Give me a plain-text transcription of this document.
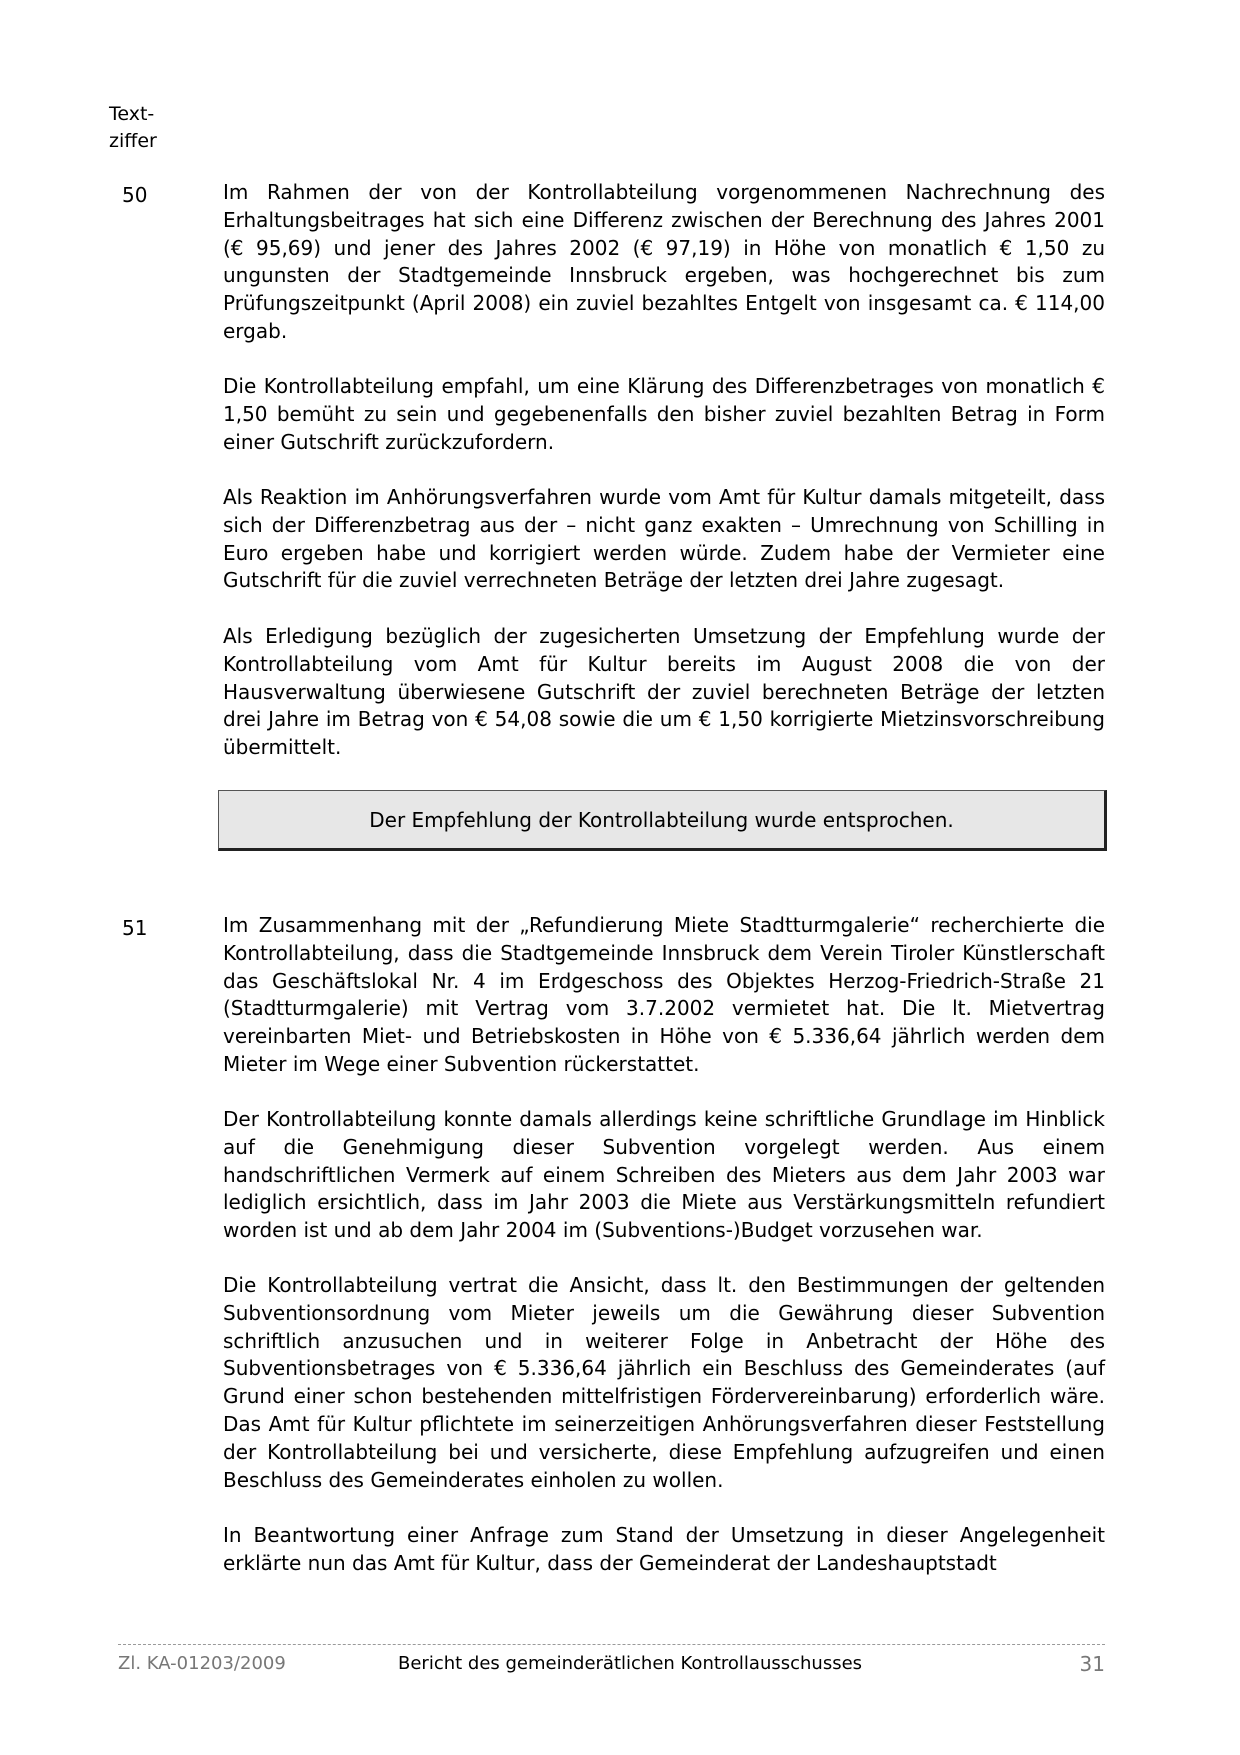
Text-
ziffer
50	Im Rahmen der von der Kontrollabteilung vorgenommenen Nachrechnung des Erhaltungsbeitrages hat sich eine Differenz zwischen der Berechnung des Jahres 2001 (€ 95,69) und jener des Jahres 2002 (€ 97,19) in Höhe von monatlich € 1,50 zu ungunsten der Stadtgemeinde Innsbruck ergeben, was hochgerechnet bis zum Prüfungszeitpunkt (April 2008) ein zuviel bezahltes Entgelt von insgesamt ca. € 114,00 ergab.

Die Kontrollabteilung empfahl, um eine Klärung des Differenzbetrages von monatlich € 1,50 bemüht zu sein und gegebenenfalls den bisher zuviel bezahlten Betrag in Form einer Gutschrift zurückzufordern.

Als Reaktion im Anhörungsverfahren wurde vom Amt für Kultur damals mitgeteilt, dass sich der Differenzbetrag aus der – nicht ganz exakten – Umrechnung von Schilling in Euro ergeben habe und korrigiert werden würde. Zudem habe der Vermieter eine Gutschrift für die zuviel verrechneten Beträge der letzten drei Jahre zugesagt.

Als Erledigung bezüglich der zugesicherten Umsetzung der Empfehlung wurde der Kontrollabteilung vom Amt für Kultur bereits im August 2008 die von der Hausverwaltung überwiesene Gutschrift der zuviel berechneten Beträge der letzten drei Jahre im Betrag von € 54,08 sowie die um € 1,50 korrigierte Mietzinsvorschreibung übermittelt.

Der Empfehlung der Kontrollabteilung wurde entsprochen.
51	Im Zusammenhang mit der „Refundierung Miete Stadtturmgalerie“ recherchierte die Kontrollabteilung, dass die Stadtgemeinde Innsbruck dem Verein Tiroler Künstlerschaft das Geschäftslokal Nr. 4 im Erdgeschoss des Objektes Herzog-Friedrich-Straße 21 (Stadtturmgalerie) mit Vertrag vom 3.7.2002 vermietet hat. Die lt. Mietvertrag vereinbarten Miet- und Betriebskosten in Höhe von € 5.336,64 jährlich werden dem Mieter im Wege einer Subvention rückerstattet.

Der Kontrollabteilung konnte damals allerdings keine schriftliche Grundlage im Hinblick auf die Genehmigung dieser Subvention vorgelegt werden. Aus einem handschriftlichen Vermerk auf einem Schreiben des Mieters aus dem Jahr 2003 war lediglich ersichtlich, dass im Jahr 2003 die Miete aus Verstärkungsmitteln refundiert worden ist und ab dem Jahr 2004 im (Subventions-)Budget vorzusehen war.

Die Kontrollabteilung vertrat die Ansicht, dass lt. den Bestimmungen der geltenden Subventionsordnung vom Mieter jeweils um die Gewährung dieser Subvention schriftlich anzusuchen und in weiterer Folge in Anbetracht der Höhe des Subventionsbetrages von € 5.336,64 jährlich ein Beschluss des Gemeinderates (auf Grund einer schon bestehenden mittelfristigen Fördervereinbarung) erforderlich wäre. Das Amt für Kultur pflichtete im seinerzeitigen Anhörungsverfahren dieser Feststellung der Kontrollabteilung bei und versicherte, diese Empfehlung aufzugreifen und einen Beschluss des Gemeinderates einholen zu wollen.

In Beantwortung einer Anfrage zum Stand der Umsetzung in dieser Angelegenheit erklärte nun das Amt für Kultur, dass der Gemeinderat der Landeshauptstadt

Zl. KA-01203/2009	Bericht des gemeinderätlichen Kontrollausschusses	31
